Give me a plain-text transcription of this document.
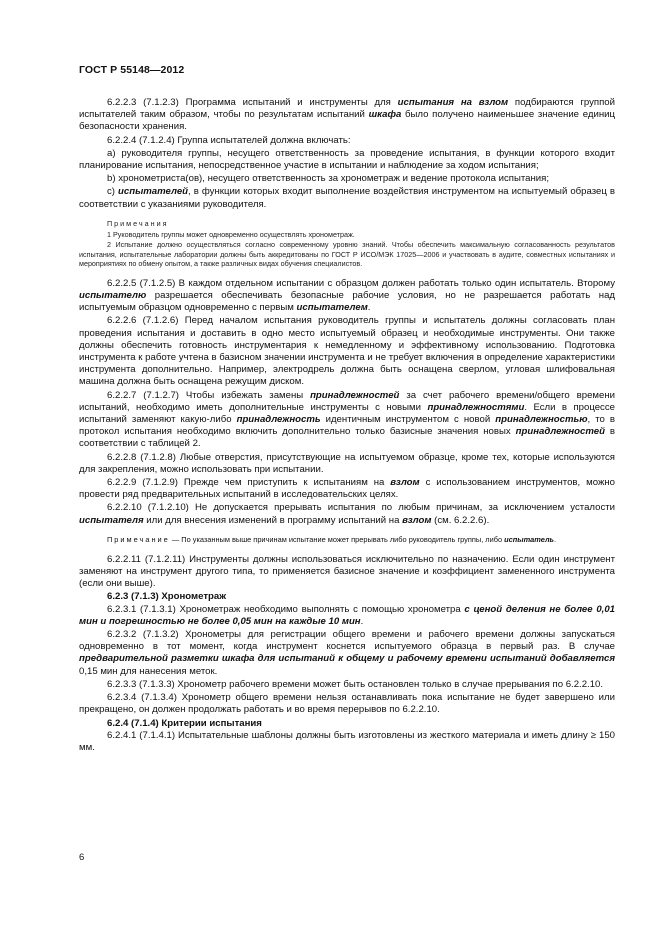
ГОСТ Р 55148—2012

6.2.2.3 (7.1.2.3) Программа испытаний и инструменты для испытания на взлом подбираются группой испытателей таким образом, чтобы по результатам испытаний шкафа было получено наименьшее значение единиц безопасности хранения.

6.2.2.4 (7.1.2.4) Группа испытателей должна включать:

а) руководителя группы, несущего ответственность за проведение испытания, в функции которого входит планирование испытания, непосредственное участие в испытании и наблюдение за ходом испытания;

b) хронометриста(ов), несущего ответственность за хронометраж и ведение протокола испытания;

с) испытателей, в функции которых входит выполнение воздействия инструментом на испытуемый образец в соответствии с указаниями руководителя.

Примечания

1 Руководитель группы может одновременно осуществлять хронометраж.

2 Испытание должно осуществляться согласно современному уровню знаний. Чтобы обеспечить максимальную согласованность результатов испытания, испытательные лаборатории должны быть аккредитованы по ГОСТ Р ИСО/МЭК 17025—2006 и участвовать в аудите, совместных испытаниях и мероприятиях по обмену опытом, а также различных видах обучения специалистов.

6.2.2.5 (7.1.2.5) В каждом отдельном испытании с образцом должен работать только один испытатель. Второму испытателю разрешается обеспечивать безопасные рабочие условия, но не разрешается работать над испытуемым образцом одновременно с первым испытателем.

6.2.2.6 (7.1.2.6) Перед началом испытания руководитель группы и испытатель должны согласовать план проведения испытания и доставить в одно место испытуемый образец и необходимые инструменты. Они также должны обеспечить готовность инструментария к немедленному и эффективному использованию. Подготовка инструмента к работе учтена в базисном значении инструмента и не требует включения в определение характеристики инструмента дополнительно. Например, электродрель должна быть оснащена сверлом, угловая шлифовальная машина должна быть оснащена режущим диском.

6.2.2.7 (7.1.2.7) Чтобы избежать замены принадлежностей за счет рабочего времени/общего времени испытаний, необходимо иметь дополнительные инструменты с новыми принадлежностями. Если в процессе испытаний заменяют какую-либо принадлежность идентичным инструментом с новой принадлежностью, то в протокол испытания необходимо включить дополнительно только базисные значения новых принадлежностей в соответствии с таблицей 2.

6.2.2.8 (7.1.2.8) Любые отверстия, присутствующие на испытуемом образце, кроме тех, которые используются для закрепления, можно использовать при испытании.

6.2.2.9 (7.1.2.9) Прежде чем приступить к испытаниям на взлом с использованием инструментов, можно провести ряд предварительных испытаний в исследовательских целях.

6.2.2.10 (7.1.2.10) Не допускается прерывать испытания по любым причинам, за исключением усталости испытателя или для внесения изменений в программу испытаний на взлом (см. 6.2.2.6).

Примечание — По указанным выше причинам испытание может прерывать либо руководитель группы, либо испытатель.

6.2.2.11 (7.1.2.11) Инструменты должны использоваться исключительно по назначению. Если один инструмент заменяют на инструмент другого типа, то применяется базисное значение и коэффициент замененного инструмента (если они выше).

6.2.3 (7.1.3) Хронометраж

6.2.3.1 (7.1.3.1) Хронометраж необходимо выполнять с помощью хронометра с ценой деления не более 0,01 мин и погрешностью не более 0,05 мин на каждые 10 мин.

6.2.3.2 (7.1.3.2) Хронометры для регистрации общего времени и рабочего времени должны запускаться одновременно в тот момент, когда инструмент коснется испытуемого образца в первый раз. В случае предварительной разметки шкафа для испытаний к общему и рабочему времени испытаний добавляется 0,15 мин для нанесения меток.

6.2.3.3 (7.1.3.3) Хронометр рабочего времени может быть остановлен только в случае прерывания по 6.2.2.10.

6.2.3.4 (7.1.3.4) Хронометр общего времени нельзя останавливать пока испытание не будет завершено или прекращено, он должен продолжать работать и во время перерывов по 6.2.2.10.

6.2.4 (7.1.4) Критерии испытания

6.2.4.1 (7.1.4.1) Испытательные шаблоны должны быть изготовлены из жесткого материала и иметь длину ≥ 150 мм.

6
